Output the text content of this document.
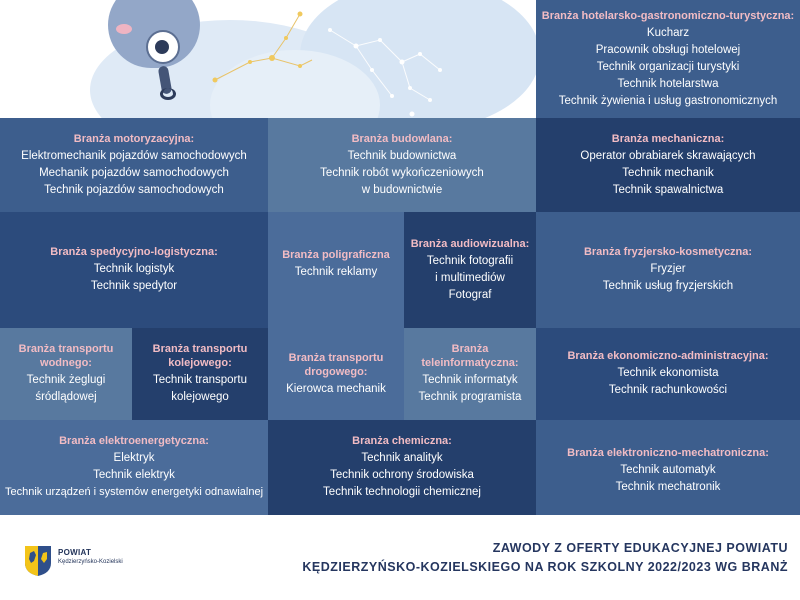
Branża hotelarsko-gastronomiczno-turystyczna:
Kucharz
Pracownik obsługi hotelowej
Technik organizacji turystyki
Technik hotelarstwa
Technik żywienia i usług gastronomicznych
Branża motoryzacyjna:
Elektromechanik pojazdów samochodowych
Mechanik pojazdów samochodowych
Technik pojazdów samochodowych
Branża budowlana:
Technik budownictwa
Technik robót wykończeniowych
w budownictwie
Branża mechaniczna:
Operator obrabiarek skrawających
Technik mechanik
Technik spawalnictwa
Branża spedycyjno-logistyczna:
Technik logistyk
Technik spedytor
Branża poligraficzna
Technik reklamy
Branża audiowizualna:
Technik fotografii
i multimediów
Fotograf
Branża fryzjersko-kosmetyczna:
Fryzjer
Technik usług fryzjerskich
Branża transportu
wodnego:
Technik żeglugi
śródlądowej
Branża transportu
kolejowego:
Technik transportu
kolejowego
Branża transportu
drogowego:
Kierowca mechanik
Branża
teleinformatyczna:
Technik informatyk
Technik programista
Branża ekonomiczno-administracyjna:
Technik ekonomista
Technik rachunkowości
Branża elektroenergetyczna:
Elektryk
Technik elektryk
Technik urządzeń i systemów energetyki odnawialnej
Branża chemiczna:
Technik analityk
Technik ochrony środowiska
Technik technologii chemicznej
Branża elektroniczno-mechatroniczna:
Technik automatyk
Technik mechatronik
POWIAT
Kędzierzyńsko-Kozielski
ZAWODY Z OFERTY EDUKACYJNEJ POWIATU
KĘDZIERZYŃSKO-KOZIELSKIEGO NA ROK SZKOLNY 2022/2023 WG BRANŻ
